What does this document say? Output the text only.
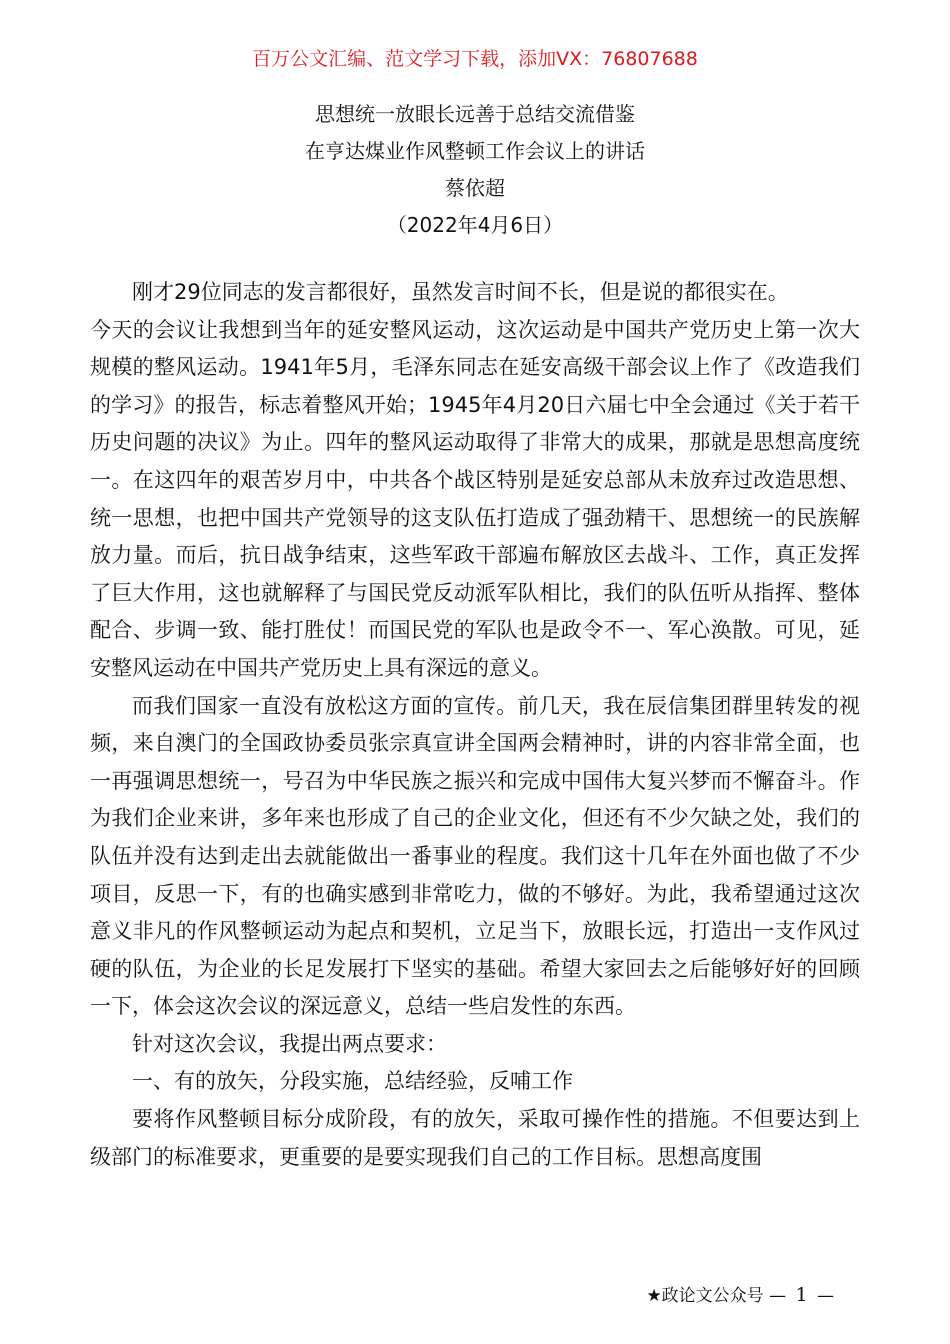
百万公文汇编、范文学习下载，添加VX：76807688
思想统一放眼长远善于总结交流借鉴
在亨达煤业作风整顿工作会议上的讲话
蔡依超
（2022年4月6日）

刚才29位同志的发言都很好，虽然发言时间不长，但是说的都很实在。

今天的会议让我想到当年的延安整风运动，这次运动是中国共产党历史上第一次大规模的整风运动。1941年5月，毛泽东同志在延安高级干部会议上作了《改造我们的学习》的报告，标志着整风开始；1945年4月20日六届七中全会通过《关于若干历史问题的决议》为止。四年的整风运动取得了非常大的成果，那就是思想高度统一。在这四年的艰苦岁月中，中共各个战区特别是延安总部从未放弃过改造思想、统一思想，也把中国共产党领导的这支队伍打造成了强劲精干、思想统一的民族解放力量。而后，抗日战争结束，这些军政干部遍布解放区去战斗、工作，真正发挥了巨大作用，这也就解释了与国民党反动派军队相比，我们的队伍听从指挥、整体配合、步调一致、能打胜仗！而国民党的军队也是政令不一、军心涣散。可见，延安整风运动在中国共产党历史上具有深远的意义。

而我们国家一直没有放松这方面的宣传。前几天，我在辰信集团群里转发的视频，来自澳门的全国政协委员张宗真宣讲全国两会精神时，讲的内容非常全面，也一再强调思想统一，号召为中华民族之振兴和完成中国伟大复兴梦而不懈奋斗。作为我们企业来讲，多年来也形成了自己的企业文化，但还有不少欠缺之处，我们的队伍并没有达到走出去就能做出一番事业的程度。我们这十几年在外面也做了不少项目，反思一下，有的也确实感到非常吃力，做的不够好。为此，我希望通过这次意义非凡的作风整顿运动为起点和契机，立足当下，放眼长远，打造出一支作风过硬的队伍，为企业的长足发展打下坚实的基础。希望大家回去之后能够好好的回顾一下，体会这次会议的深远意义，总结一些启发性的东西。

针对这次会议，我提出两点要求：

一、有的放矢，分段实施，总结经验，反哺工作

要将作风整顿目标分成阶段，有的放矢，采取可操作性的措施。不但要达到上级部门的标准要求，更重要的是要实现我们自己的工作目标。思想高度围

★政论文公众号 — 1 —
